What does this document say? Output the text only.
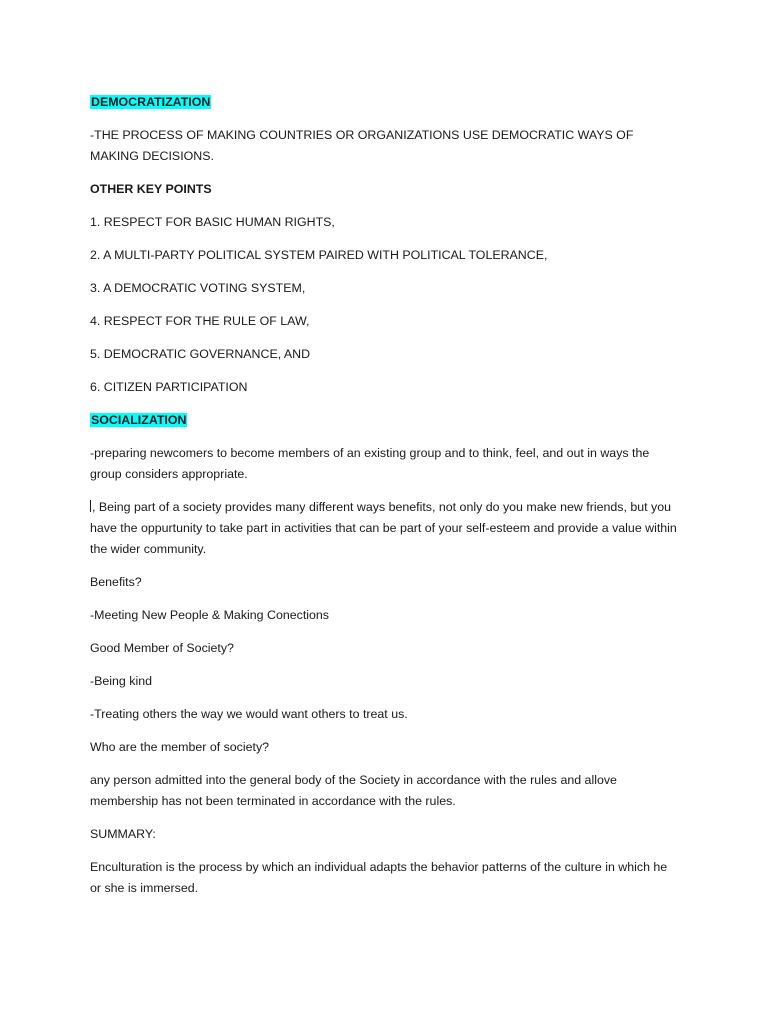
DEMOCRATIZATION

-THE PROCESS OF MAKING COUNTRIES OR ORGANIZATIONS USE DEMOCRATIC WAYS OF MAKING DECISIONS.

OTHER KEY POINTS

1. RESPECT FOR BASIC HUMAN RIGHTS,

2. A MULTI-PARTY POLITICAL SYSTEM PAIRED WITH POLITICAL TOLERANCE,

3. A DEMOCRATIC VOTING SYSTEM,

4. RESPECT FOR THE RULE OF LAW,

5. DEMOCRATIC GOVERNANCE, AND

6. CITIZEN PARTICIPATION

SOCIALIZATION

-preparing newcomers to become members of an existing group and to think, feel, and out in ways the group considers appropriate.

, Being part of a society provides many different ways benefits, not only do you make new friends, but you have the oppurtunity to take part in activities that can be part of your self-esteem and provide a value within the wider community.

Benefits?

-Meeting New People & Making Conections

Good Member of Society?

-Being kind

-Treating others the way we would want others to treat us.

Who are the member of society?

any person admitted into the general body of the Society in accordance with the rules and allove membership has not been terminated in accordance with the rules.

SUMMARY:

Enculturation is the process by which an individual adapts the behavior patterns of the culture in which he or she is immersed.
